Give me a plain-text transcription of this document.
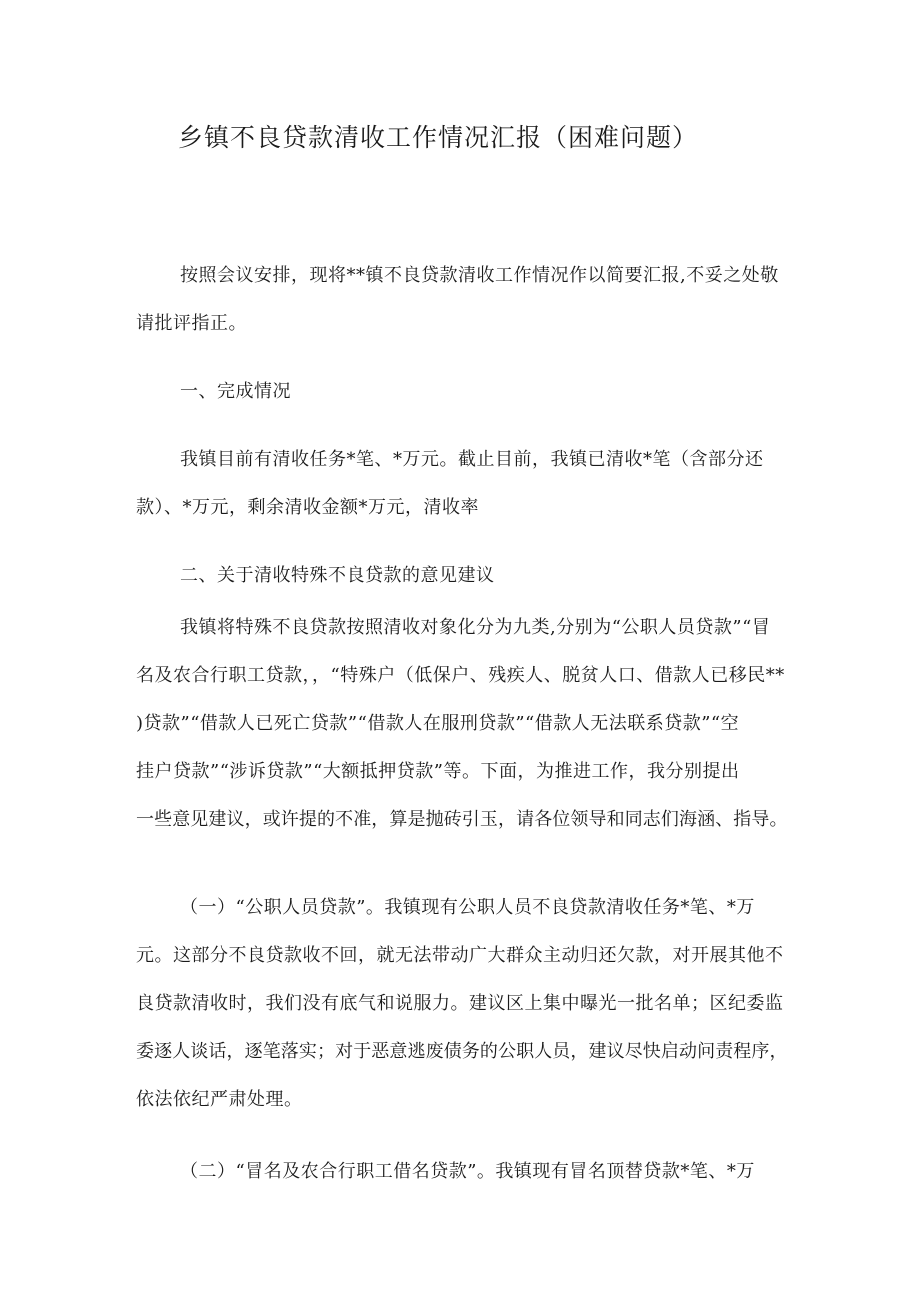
乡镇不良贷款清收工作情况汇报（困难问题）
按照会议安排，现将**镇不良贷款清收工作情况作以简要汇报,不妥之处敬
请批评指正。
一、完成情况
我镇目前有清收任务*笔、*万元。截止目前，我镇已清收*笔（含部分还
款）、*万元，剩余清收金额*万元，清收率
二、关于清收特殊不良贷款的意见建议
我镇将特殊不良贷款按照清收对象化分为九类,分别为“公职人员贷款”“冒
名及农合行职工贷款，，“特殊户（低保户、残疾人、脱贫人口、借款人已移民**
)贷款”“借款人已死亡贷款”“借款人在服刑贷款”“借款人无法联系贷款”“空
挂户贷款”“涉诉贷款”“大额抵押贷款”等。下面，为推进工作，我分别提出
一些意见建议，或许提的不准，算是抛砖引玉，请各位领导和同志们海涵、指导。
（一）“公职人员贷款”。我镇现有公职人员不良贷款清收任务*笔、*万
元。这部分不良贷款收不回，就无法带动广大群众主动归还欠款，对开展其他不
良贷款清收时，我们没有底气和说服力。建议区上集中曝光一批名单；区纪委监
委逐人谈话，逐笔落实；对于恶意逃废债务的公职人员，建议尽快启动问责程序，
依法依纪严肃处理。
（二）“冒名及农合行职工借名贷款”。我镇现有冒名顶替贷款*笔、*万
